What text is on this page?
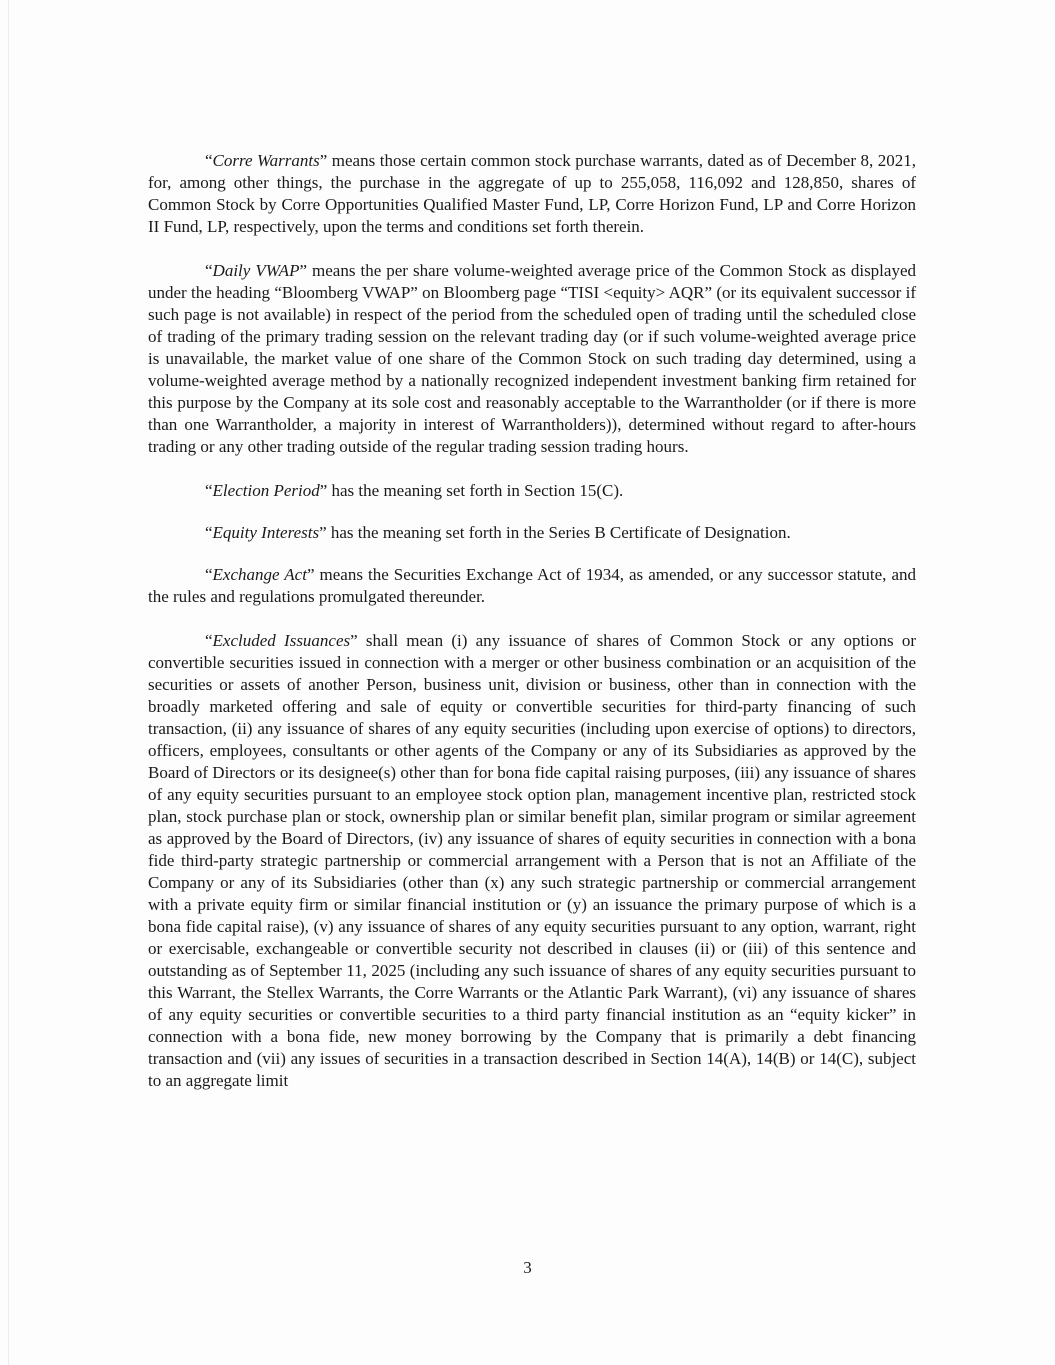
“Corre Warrants” means those certain common stock purchase warrants, dated as of December 8, 2021, for, among other things, the purchase in the aggregate of up to 255,058, 116,092 and 128,850, shares of Common Stock by Corre Opportunities Qualified Master Fund, LP, Corre Horizon Fund, LP and Corre Horizon II Fund, LP, respectively, upon the terms and conditions set forth therein.

“Daily VWAP” means the per share volume-weighted average price of the Common Stock as displayed under the heading “Bloomberg VWAP” on Bloomberg page “TISI <equity> AQR” (or its equivalent successor if such page is not available) in respect of the period from the scheduled open of trading until the scheduled close of trading of the primary trading session on the relevant trading day (or if such volume-weighted average price is unavailable, the market value of one share of the Common Stock on such trading day determined, using a volume-weighted average method by a nationally recognized independent investment banking firm retained for this purpose by the Company at its sole cost and reasonably acceptable to the Warrantholder (or if there is more than one Warrantholder, a majority in interest of Warrantholders)), determined without regard to after-hours trading or any other trading outside of the regular trading session trading hours.

“Election Period” has the meaning set forth in Section 15(C).

“Equity Interests” has the meaning set forth in the Series B Certificate of Designation.

“Exchange Act” means the Securities Exchange Act of 1934, as amended, or any successor statute, and the rules and regulations promulgated thereunder.

“Excluded Issuances” shall mean (i) any issuance of shares of Common Stock or any options or convertible securities issued in connection with a merger or other business combination or an acquisition of the securities or assets of another Person, business unit, division or business, other than in connection with the broadly marketed offering and sale of equity or convertible securities for third-party financing of such transaction, (ii) any issuance of shares of any equity securities (including upon exercise of options) to directors, officers, employees, consultants or other agents of the Company or any of its Subsidiaries as approved by the Board of Directors or its designee(s) other than for bona fide capital raising purposes, (iii) any issuance of shares of any equity securities pursuant to an employee stock option plan, management incentive plan, restricted stock plan, stock purchase plan or stock, ownership plan or similar benefit plan, similar program or similar agreement as approved by the Board of Directors, (iv) any issuance of shares of equity securities in connection with a bona fide third-party strategic partnership or commercial arrangement with a Person that is not an Affiliate of the Company or any of its Subsidiaries (other than (x) any such strategic partnership or commercial arrangement with a private equity firm or similar financial institution or (y) an issuance the primary purpose of which is a bona fide capital raise), (v) any issuance of shares of any equity securities pursuant to any option, warrant, right or exercisable, exchangeable or convertible security not described in clauses (ii) or (iii) of this sentence and outstanding as of September 11, 2025 (including any such issuance of shares of any equity securities pursuant to this Warrant, the Stellex Warrants, the Corre Warrants or the Atlantic Park Warrant), (vi) any issuance of shares of any equity securities or convertible securities to a third party financial institution as an “equity kicker” in connection with a bona fide, new money borrowing by the Company that is primarily a debt financing transaction and (vii) any issues of securities in a transaction described in Section 14(A), 14(B) or 14(C), subject to an aggregate limit

3
